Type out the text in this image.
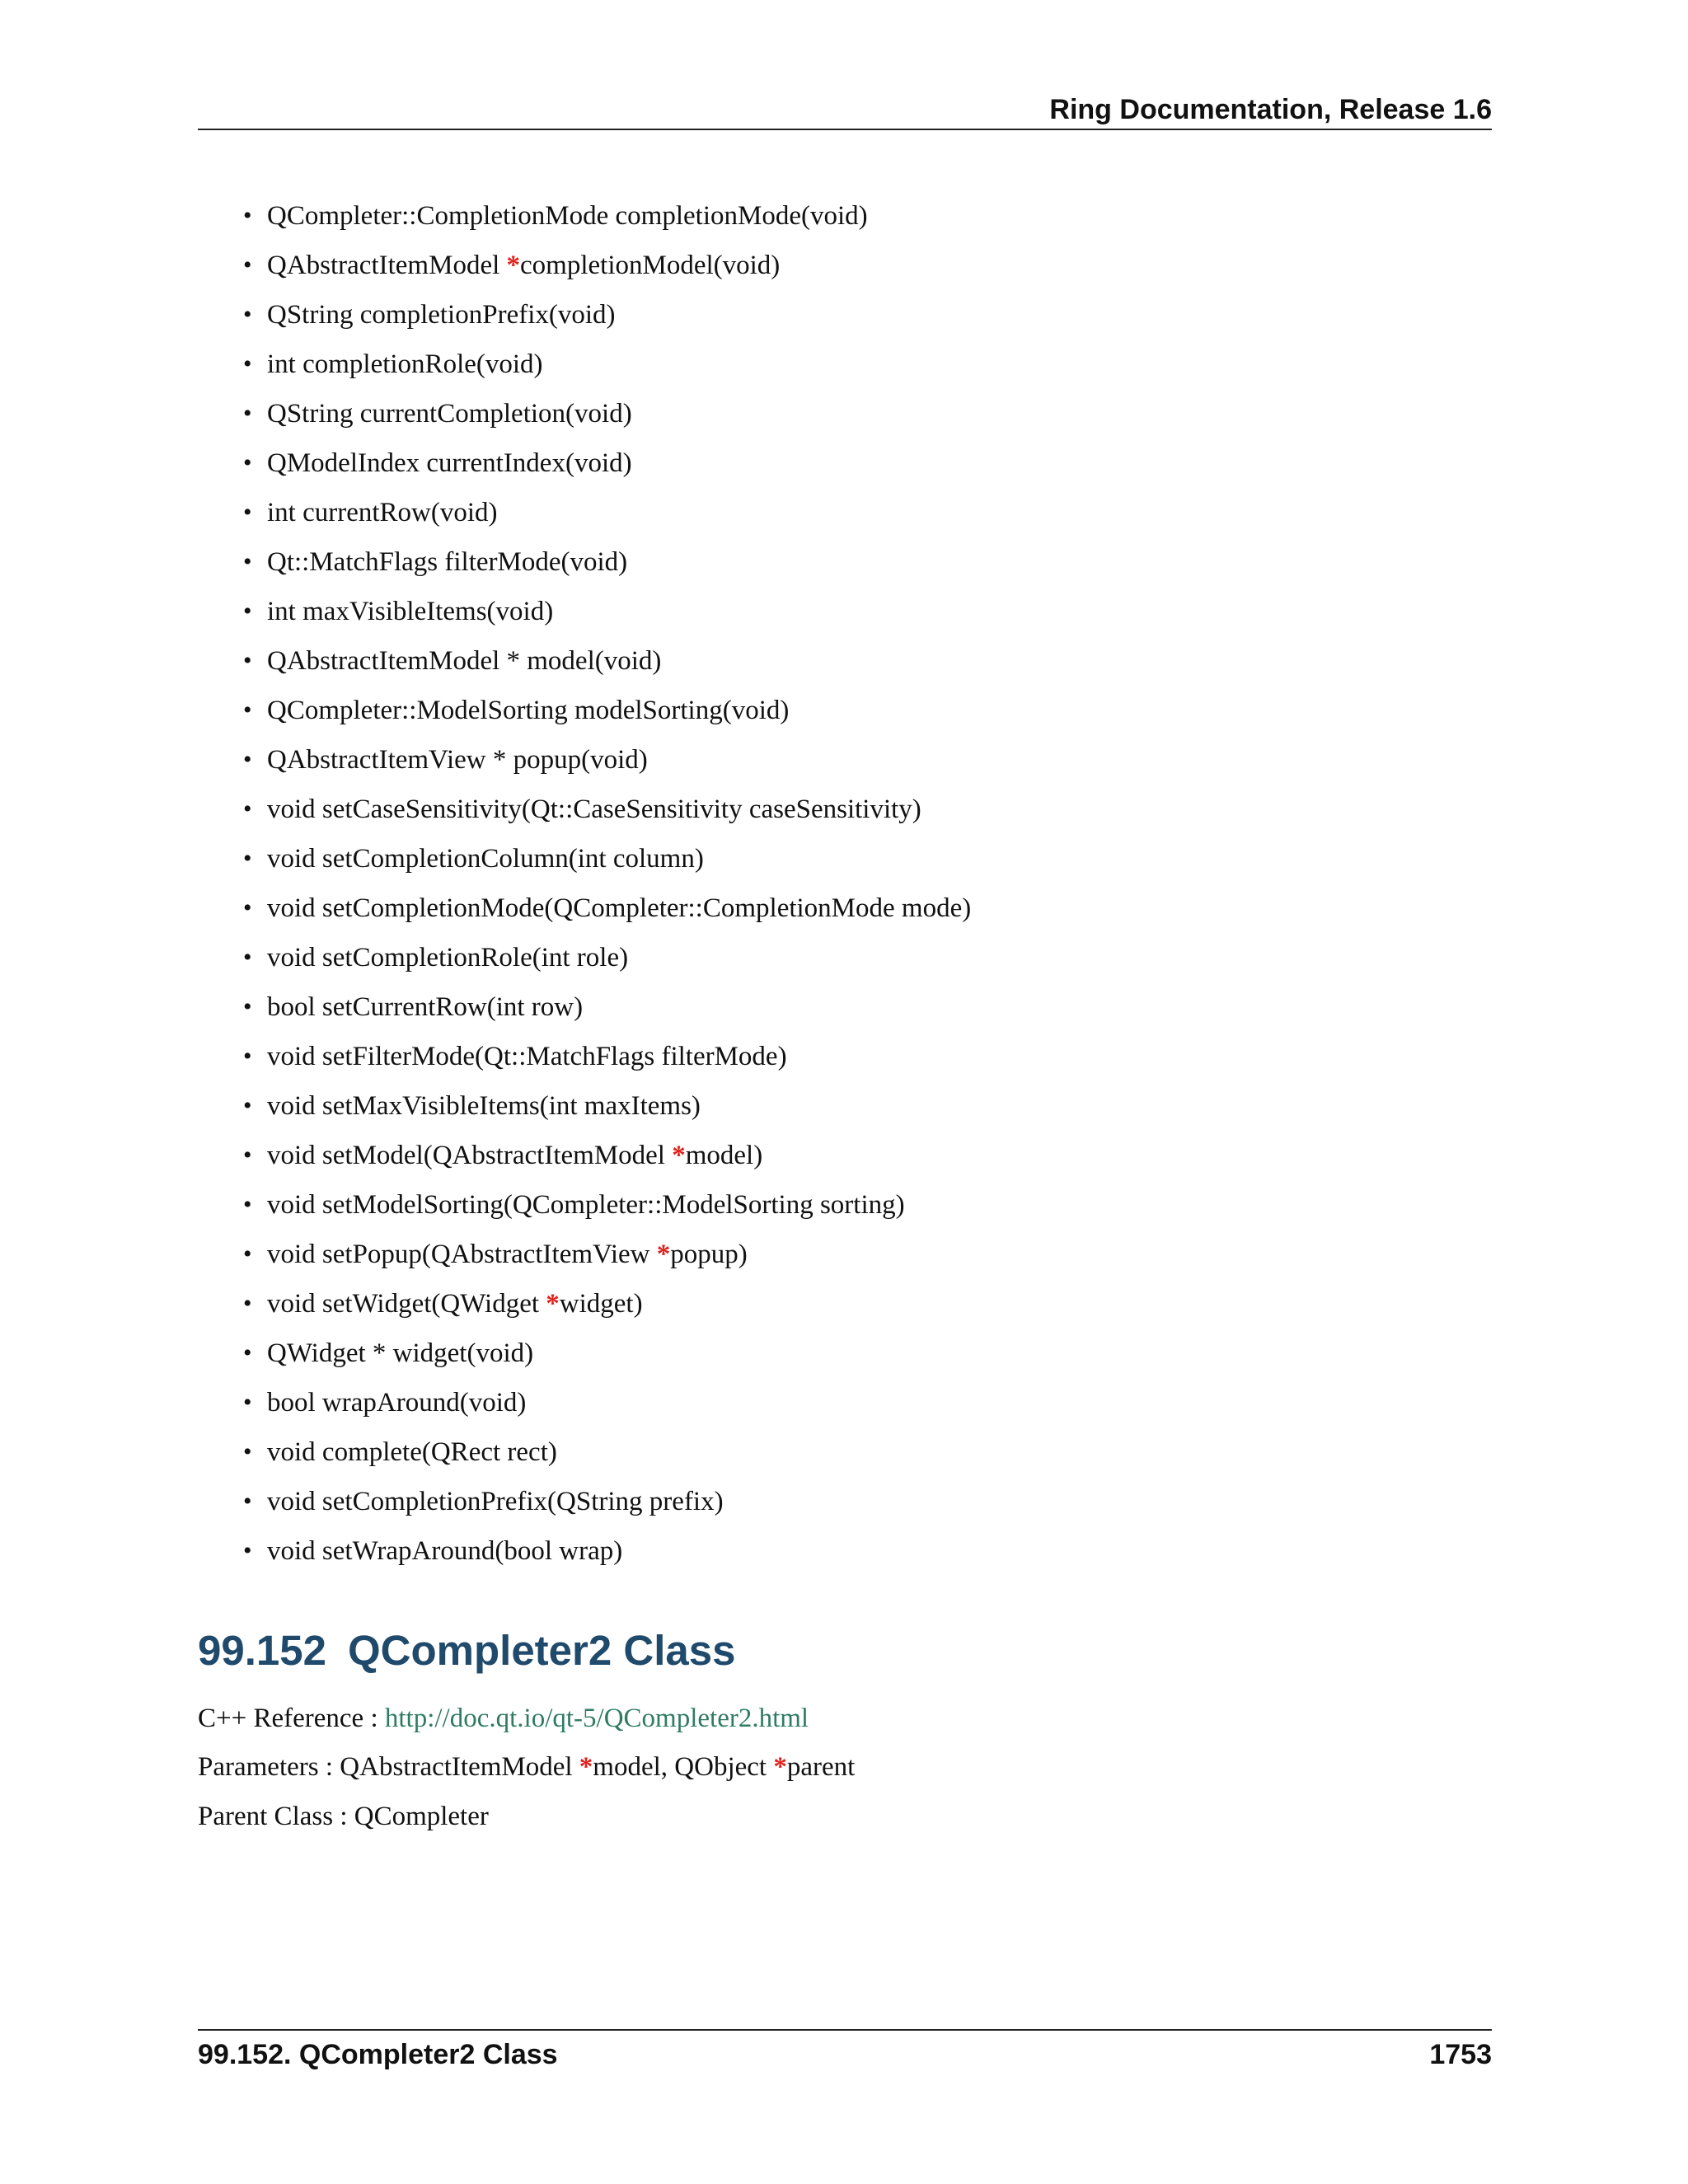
Ring Documentation, Release 1.6
• QCompleter::CompletionMode completionMode(void)
• QAbstractItemModel *completionModel(void)
• QString completionPrefix(void)
• int completionRole(void)
• QString currentCompletion(void)
• QModelIndex currentIndex(void)
• int currentRow(void)
• Qt::MatchFlags filterMode(void)
• int maxVisibleItems(void)
• QAbstractItemModel * model(void)
• QCompleter::ModelSorting modelSorting(void)
• QAbstractItemView * popup(void)
• void setCaseSensitivity(Qt::CaseSensitivity caseSensitivity)
• void setCompletionColumn(int column)
• void setCompletionMode(QCompleter::CompletionMode mode)
• void setCompletionRole(int role)
• bool setCurrentRow(int row)
• void setFilterMode(Qt::MatchFlags filterMode)
• void setMaxVisibleItems(int maxItems)
• void setModel(QAbstractItemModel *model)
• void setModelSorting(QCompleter::ModelSorting sorting)
• void setPopup(QAbstractItemView *popup)
• void setWidget(QWidget *widget)
• QWidget * widget(void)
• bool wrapAround(void)
• void complete(QRect rect)
• void setCompletionPrefix(QString prefix)
• void setWrapAround(bool wrap)
99.152 QCompleter2 Class

C++ Reference : http://doc.qt.io/qt-5/QCompleter2.html

Parameters : QAbstractItemModel *model, QObject *parent

Parent Class : QCompleter

99.152. QCompleter2 Class	1753
